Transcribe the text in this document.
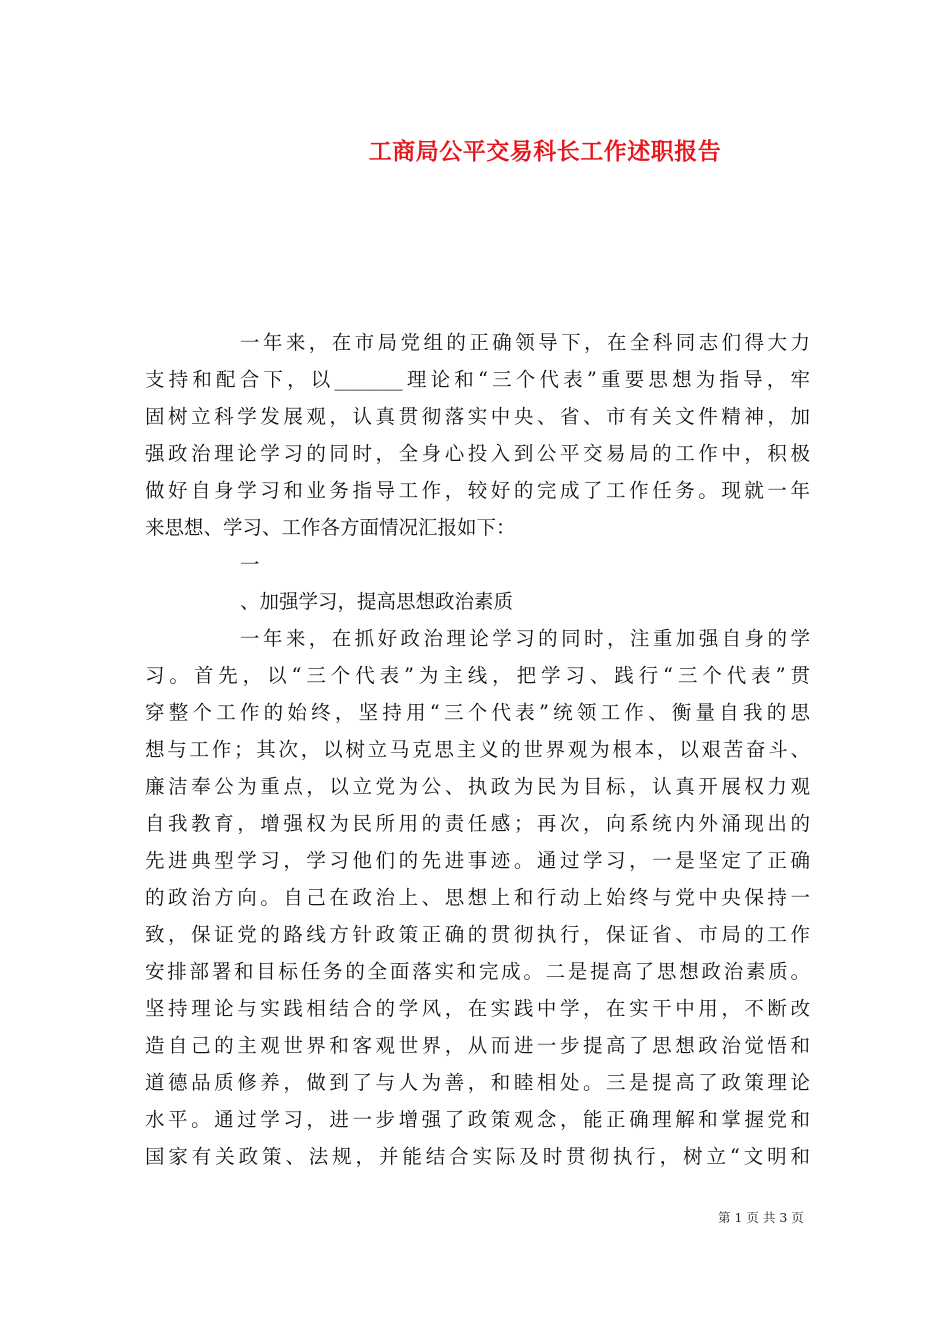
工商局公平交易科长工作述职报告
一年来，在市局党组的正确领导下，在全科同志们得大力
支持和配合下，以_______理论和“三个代表”重要思想为指导，牢
固树立科学发展观，认真贯彻落实中央、省、市有关文件精神，加
强政治理论学习的同时，全身心投入到公平交易局的工作中，积极
做好自身学习和业务指导工作，较好的完成了工作任务。现就一年
来思想、学习、工作各方面情况汇报如下：
一
、加强学习，提高思想政治素质
一年来，在抓好政治理论学习的同时，注重加强自身的学
习。首先，以“三个代表”为主线，把学习、践行“三个代表”贯
穿整个工作的始终，坚持用“三个代表”统领工作、衡量自我的思
想与工作；其次，以树立马克思主义的世界观为根本，以艰苦奋斗、
廉洁奉公为重点，以立党为公、执政为民为目标，认真开展权力观
自我教育，增强权为民所用的责任感；再次，向系统内外涌现出的
先进典型学习，学习他们的先进事迹。通过学习，一是坚定了正确
的政治方向。自己在政治上、思想上和行动上始终与党中央保持一
致，保证党的路线方针政策正确的贯彻执行，保证省、市局的工作
安排部署和目标任务的全面落实和完成。二是提高了思想政治素质。
坚持理论与实践相结合的学风，在实践中学，在实干中用，不断改
造自己的主观世界和客观世界，从而进一步提高了思想政治觉悟和
道德品质修养，做到了与人为善，和睦相处。三是提高了政策理论
水平。通过学习，进一步增强了政策观念，能正确理解和掌握党和
国家有关政策、法规，并能结合实际及时贯彻执行，树立“文明和
第 1 页 共 3 页
